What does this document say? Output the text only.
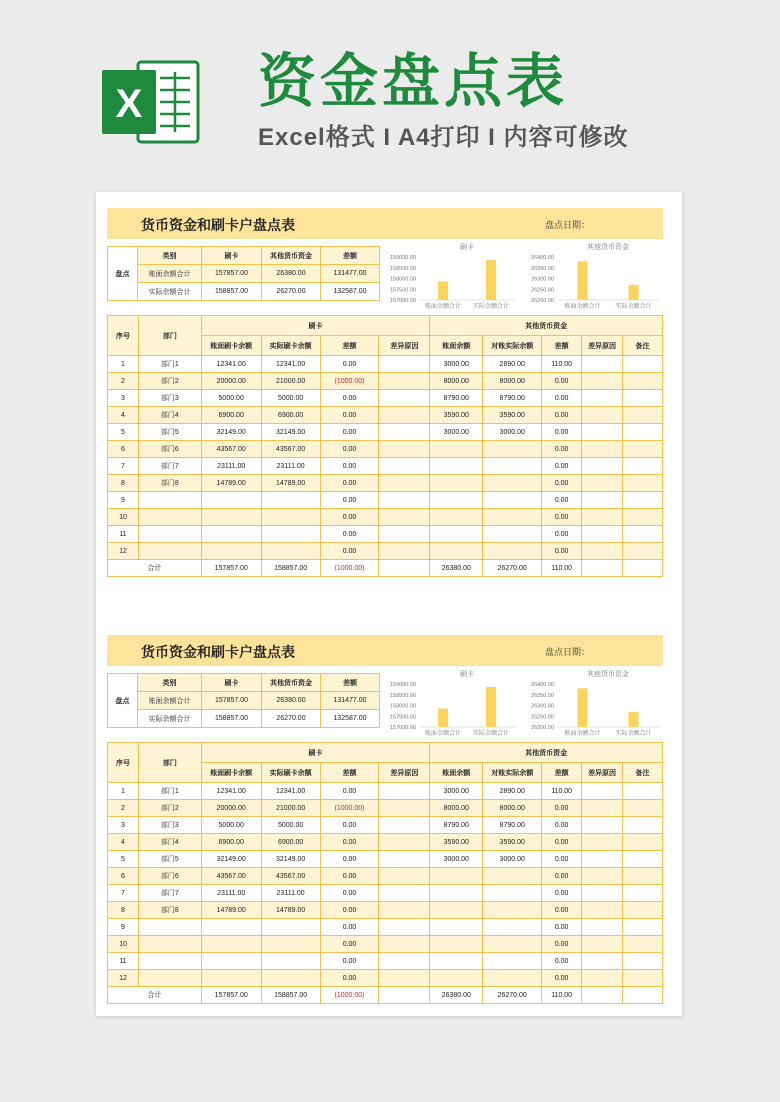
X 资金盘点表
Excel格式 I A4打印 I 内容可修改
货币资金和刷卡户盘点表	盘点日期：
盘点	类别	刷卡	其他货币资金	差额
	账面余额合计	157857.00	26380.00	131477.00
	实际余额合计	158857.00	26270.00	132587.00
刷卡
159000.00
158500.00
158000.00
157500.00
157000.00
账面余额合计 实际余额合计
其他货币资金
26400.00
26350.00
26300.00
26250.00
26200.00
账面余额合计 实际余额合计
序号	部门	刷卡				其他货币资金				
		账面刷卡余额	实际刷卡余额	差额	差异原因	账面余额	对账实际余额	差额	差异原因	备注
1	部门1	12341.00	12341.00	0.00		3000.00	2890.00	110.00		
2	部门2	20000.00	21000.00	(1000.00)		8000.00	8000.00	0.00		
3	部门3	5000.00	5000.00	0.00		8790.00	8790.00	0.00		
4	部门4	6900.00	6900.00	0.00		3590.00	3590.00	0.00		
5	部门5	32149.00	32149.00	0.00		3000.00	3000.00	0.00		
6	部门6	43567.00	43567.00	0.00				0.00		
7	部门7	23111.00	23111.00	0.00				0.00		
8	部门8	14789.00	14789.00	0.00				0.00		
9				0.00				0.00		
10				0.00				0.00		
11				0.00				0.00		
12				0.00				0.00		
合计		157857.00	158857.00	(1000.00)		26380.00	26270.00	110.00		
货币资金和刷卡户盘点表	盘点日期：
盘点	类别	刷卡	其他货币资金	差额
	账面余额合计	157857.00	26380.00	131477.00
	实际余额合计	158857.00	26270.00	132587.00
刷卡
159000.00
158500.00
158000.00
157500.00
157000.00
账面余额合计 实际余额合计
其他货币资金
26400.00
26350.00
26300.00
26250.00
26200.00
账面余额合计 实际余额合计
序号	部门	刷卡				其他货币资金				
		账面刷卡余额	实际刷卡余额	差额	差异原因	账面余额	对账实际余额	差额	差异原因	备注
1	部门1	12341.00	12341.00	0.00		3000.00	2890.00	110.00		
2	部门2	20000.00	21000.00	(1000.00)		8000.00	8000.00	0.00		
3	部门3	5000.00	5000.00	0.00		8790.00	8790.00	0.00		
4	部门4	6900.00	6900.00	0.00		3590.00	3590.00	0.00		
5	部门5	32149.00	32149.00	0.00		3000.00	3000.00	0.00		
6	部门6	43567.00	43567.00	0.00				0.00		
7	部门7	23111.00	23111.00	0.00				0.00		
8	部门8	14789.00	14789.00	0.00				0.00		
9				0.00				0.00		
10				0.00				0.00		
11				0.00				0.00		
12				0.00				0.00		
合计		157857.00	158857.00	(1000.00)		26380.00	26270.00	110.00		
